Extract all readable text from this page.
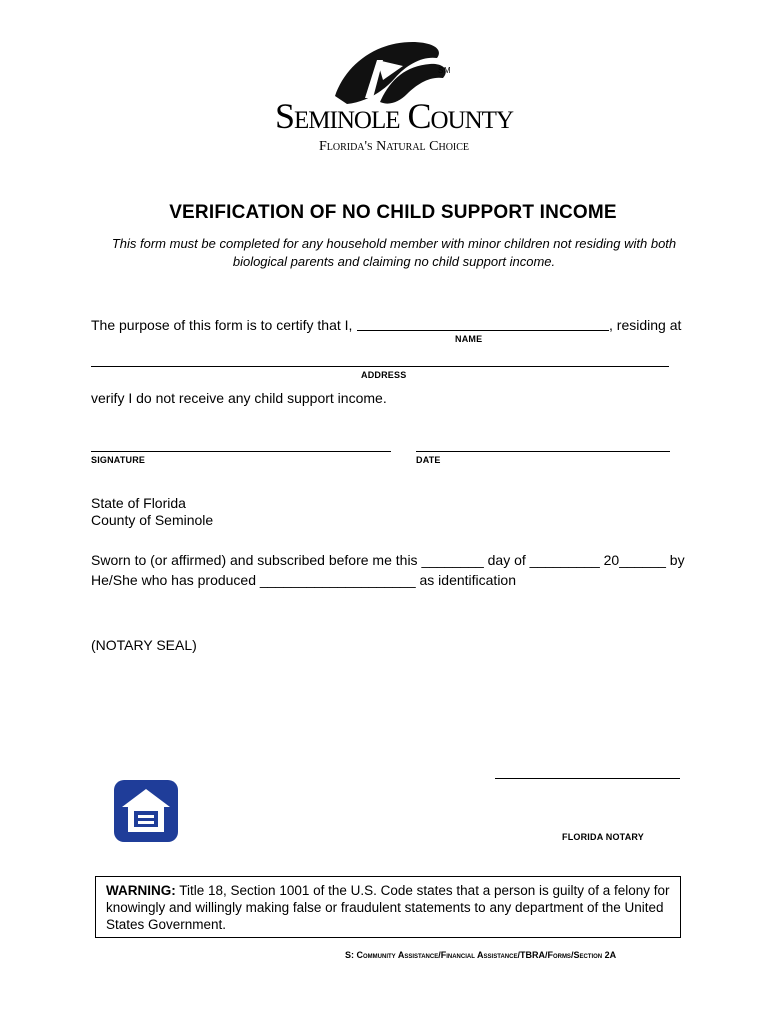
SM
Seminole County
Florida's Natural Choice
VERIFICATION OF NO CHILD SUPPORT INCOME
This form must be completed for any household member with minor children not residing with both
biological parents and claiming no child support income.
The purpose of this form is to certify that I,	, residing at
NAME
ADDRESS
verify I do not receive any child support income.
SIGNATURE	DATE
State of Florida
County of Seminole
Sworn to (or affirmed) and subscribed before me this ________ day of _________ 20______ by
He/She who has produced ____________________ as identification
(NOTARY SEAL)
FLORIDA NOTARY
WARNING: Title 18, Section 1001 of the U.S. Code states that a person is guilty of a felony for knowingly and willingly making false or fraudulent statements to any department of the United States Government.
S: Community Assistance/Financial Assistance/TBRA/Forms/Section 2A
